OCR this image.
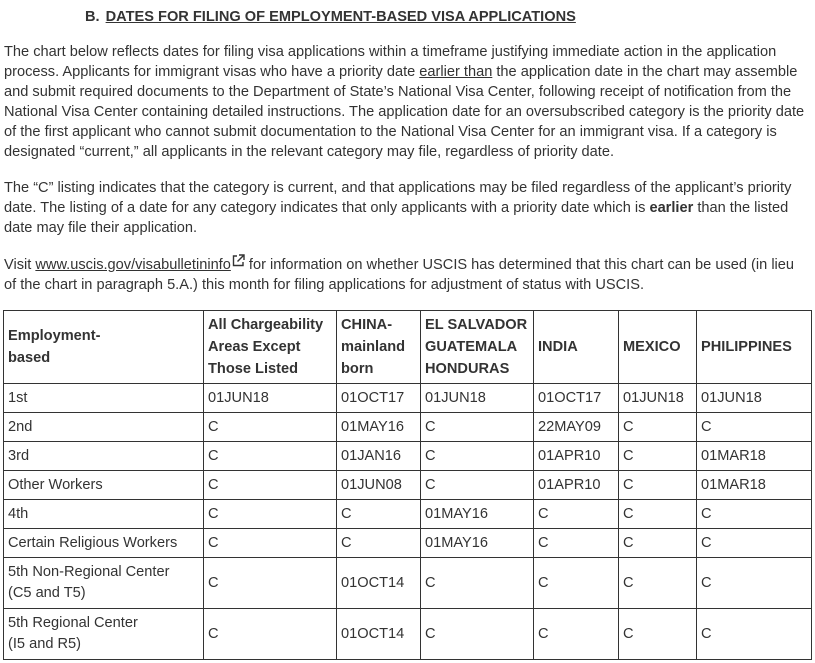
B. DATES FOR FILING OF EMPLOYMENT-BASED VISA APPLICATIONS

The chart below reflects dates for filing visa applications within a timeframe justifying immediate action in the application process. Applicants for immigrant visas who have a priority date earlier than the application date in the chart may assemble and submit required documents to the Department of State’s National Visa Center, following receipt of notification from the National Visa Center containing detailed instructions. The application date for an oversubscribed category is the priority date of the first applicant who cannot submit documentation to the National Visa Center for an immigrant visa. If a category is designated “current,” all applicants in the relevant category may file, regardless of priority date.

The “C” listing indicates that the category is current, and that applications may be filed regardless of the applicant’s priority date. The listing of a date for any category indicates that only applicants with a priority date which is earlier than the listed date may file their application.

Visit www.uscis.gov/visabulletininfo for information on whether USCIS has determined that this chart can be used (in lieu of the chart in paragraph 5.A.) this month for filing applications for adjustment of status with USCIS.

Employment-
based	All Chargeability
Areas Except
Those Listed	CHINA-
mainland
born	EL SALVADOR
GUATEMALA
HONDURAS	INDIA	MEXICO	PHILIPPINES
1st	01JUN18	01OCT17	01JUN18	01OCT17	01JUN18	01JUN18
2nd	C	01MAY16	C	22MAY09	C	C
3rd	C	01JAN16	C	01APR10	C	01MAR18
Other Workers	C	01JUN08	C	01APR10	C	01MAR18
4th	C	C	01MAY16	C	C	C
Certain Religious Workers	C	C	01MAY16	C	C	C
5th Non-Regional Center
(C5 and T5)	C	01OCT14	C	C	C	C
5th Regional Center
(I5 and R5)	C	01OCT14	C	C	C	C
